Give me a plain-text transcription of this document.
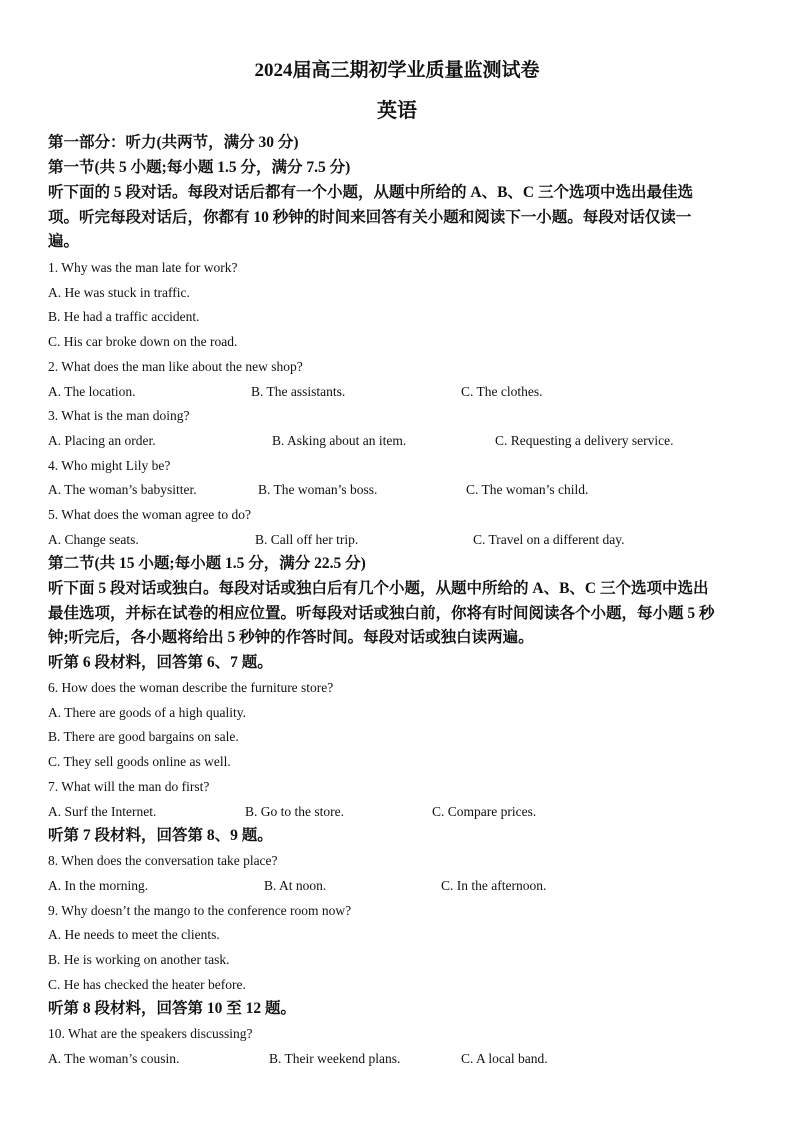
2024届高三期初学业质量监测试卷
英语
第一部分：听力(共两节，满分 30 分)
第一节(共 5 小题;每小题 1.5 分，满分 7.5 分)
听下面的 5 段对话。每段对话后都有一个小题，从题中所给的 A、B、C 三个选项中选出最佳选
项。听完每段对话后，你都有 10 秒钟的时间来回答有关小题和阅读下一小题。每段对话仅读一
遍。
1. Why was the man late for work?
A. He was stuck in traffic.
B. He had a traffic accident.
C. His car broke down on the road.
2. What does the man like about the new shop?
A. The location.	B. The assistants.	C. The clothes.
3. What is the man doing?
A. Placing an order.	B. Asking about an item.	C. Requesting a delivery service.
4. Who might Lily be?
A. The woman’s babysitter.	B. The woman’s boss.	C. The woman’s child.
5. What does the woman agree to do?
A. Change seats.	B. Call off her trip.	C. Travel on a different day.
第二节(共 15 小题;每小题 1.5 分，满分 22.5 分)
听下面 5 段对话或独白。每段对话或独白后有几个小题，从题中所给的 A、B、C 三个选项中选出
最佳选项，并标在试卷的相应位置。听每段对话或独白前，你将有时间阅读各个小题，每小题 5 秒
钟;听完后，各小题将给出 5 秒钟的作答时间。每段对话或独白读两遍。
听第 6 段材料，回答第 6、7 题。
6. How does the woman describe the furniture store?
A. There are goods of a high quality.
B. There are good bargains on sale.
C. They sell goods online as well.
7. What will the man do first?
A. Surf the Internet.	B. Go to the store.	C. Compare prices.
听第 7 段材料，回答第 8、9 题。
8. When does the conversation take place?
A. In the morning.	B. At noon.	C. In the afternoon.
9. Why doesn’t the mango to the conference room now?
A. He needs to meet the clients.
B. He is working on another task.
C. He has checked the heater before.
听第 8 段材料，回答第 10 至 12 题。
10. What are the speakers discussing?
A. The woman’s cousin.	B. Their weekend plans.	C. A local band.
